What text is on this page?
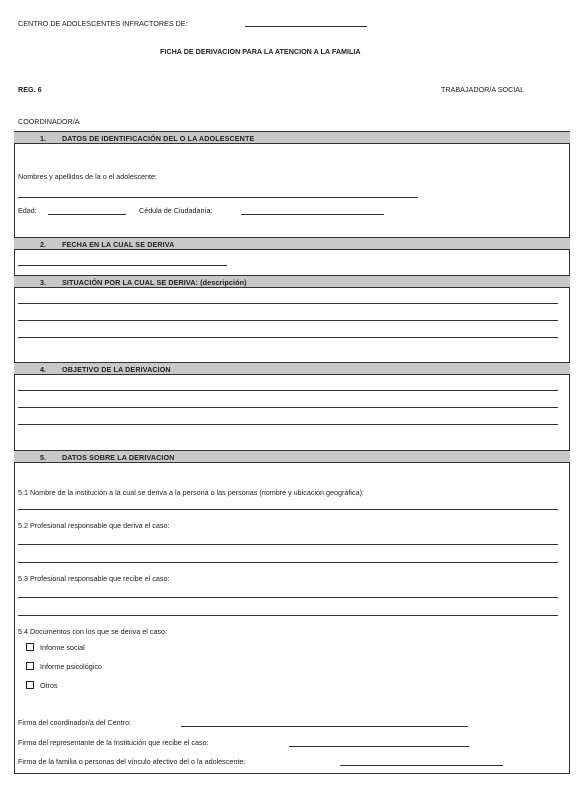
CENTRO DE ADOLESCENTES INFRACTORES DE:
FICHA DE DERIVACION PARA LA ATENCION A LA FAMILIA
REG. 6	TRABAJADOR/A SOCIAL
COORDINADOR/A
1. DATOS DE IDENTIFICACIÓN DEL O LA ADOLESCENTE
Nombres y apellidos de la o el adolescente:
Edad:	Cédula de Ciudadanía:
2. FECHA EN LA CUAL SE DERIVA
3. SITUACIÓN POR LA CUAL SE DERIVA: (descripción)
4. OBJETIVO DE LA DERIVACION
5. DATOS SOBRE LA DERIVACION
5.1 Nombre de la institución a la cual se deriva a la persona o las personas (nombre y ubicación geográfica):
5.2 Profesional responsable que deriva el caso:
5.3 Profesional responsable que recibe el caso:
5.4 Documentos con los que se deriva el caso:
Informe social
Informe psicológico
Otros
Firma del coordinador/a del Centro:
Firma del representante de la Institución que recibe el caso:
Firma de la familia o personas del vínculo afectivo del o la adolescente:
